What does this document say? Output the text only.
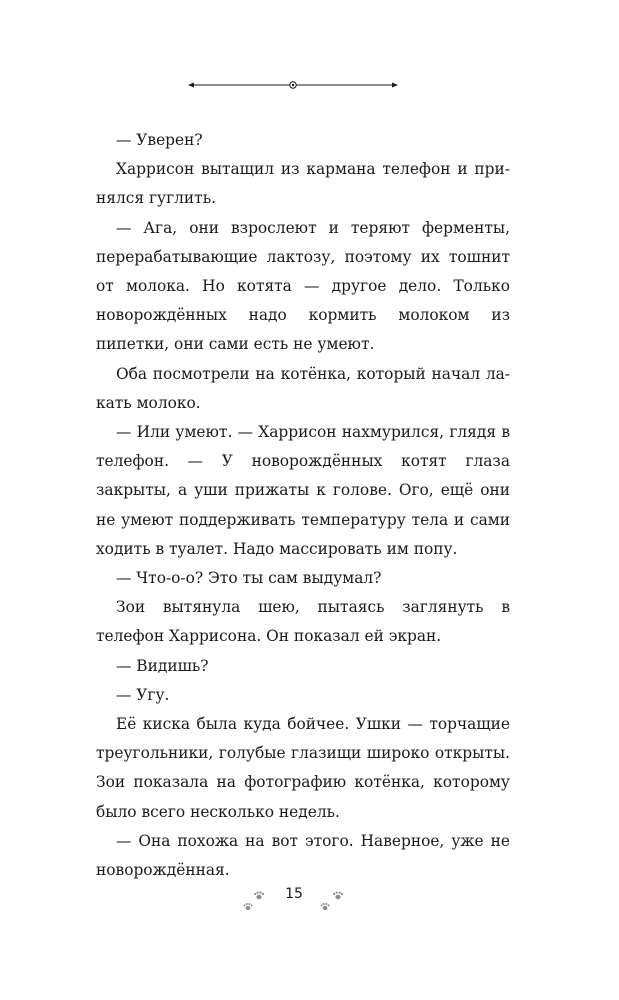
— Уверен?

Харрисон вытащил из кармана телефон и принялся гуглить.

— Ага, они взрослеют и теряют ферменты, перерабатывающие лактозу, поэтому их тошнит от молока. Но котята — другое дело. Только новорождённых надо кормить молоком из пипетки, они сами есть не умеют.

Оба посмотрели на котёнка, который начал лакать молоко.

— Или умеют. — Харрисон нахмурился, глядя в телефон. — У новорождённых котят глаза закрыты, а уши прижаты к голове. Ого, ещё они не умеют поддерживать температуру тела и сами ходить в туалет. Надо массировать им попу.

— Что-о-о? Это ты сам выдумал?

Зои вытянула шею, пытаясь заглянуть в телефон Харрисона. Он показал ей экран.

— Видишь?

— Угу.

Её киска была куда бойчее. Ушки — торчащие треугольники, голубые глазищи широко открыты. Зои показала на фотографию котёнка, которому было всего несколько недель.

— Она похожа на вот этого. Наверное, уже не новорождённая.

15
